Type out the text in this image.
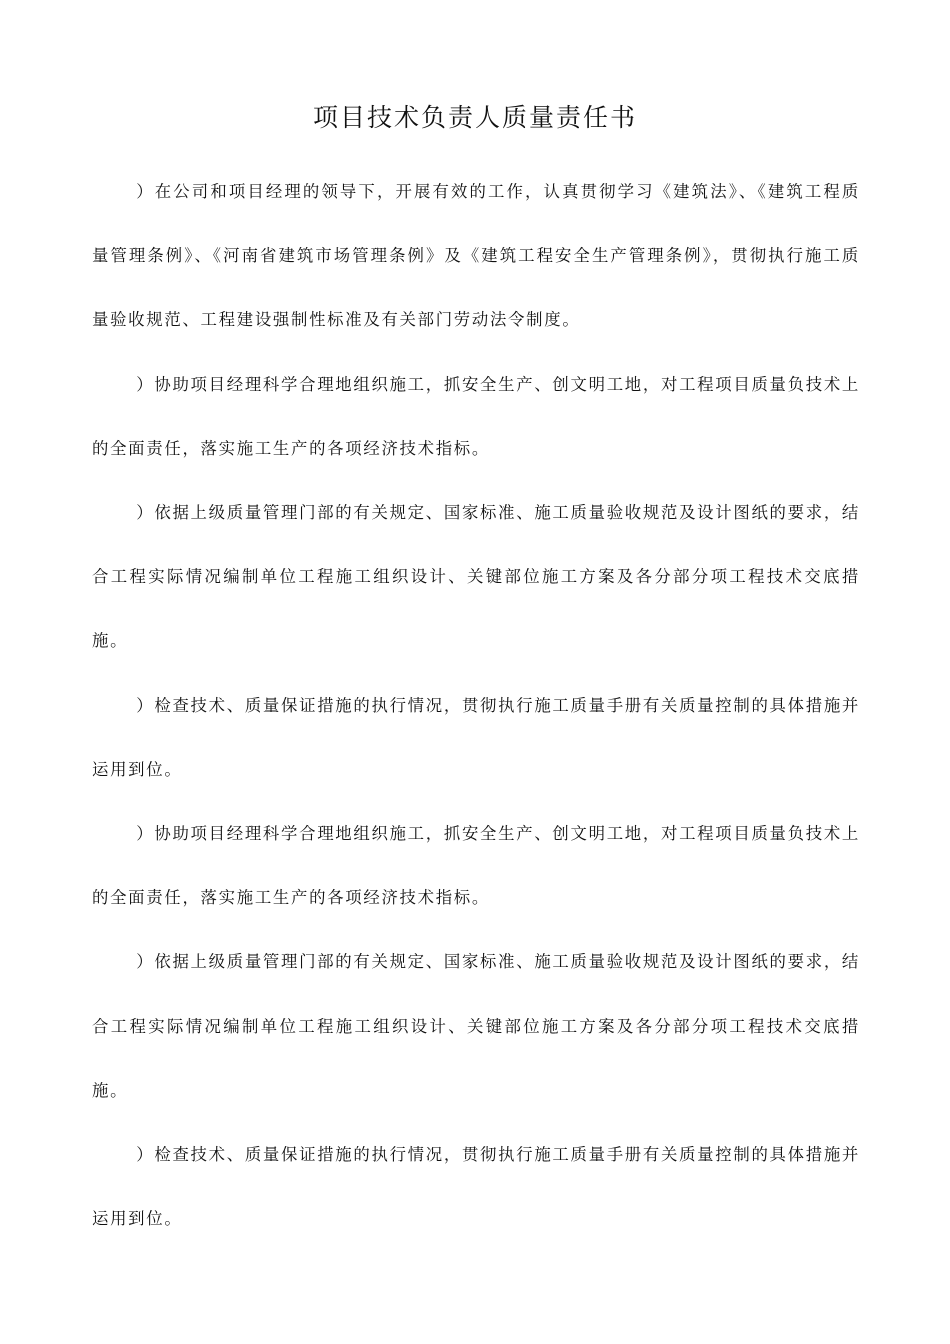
项目技术负责人质量责任书

）在公司和项目经理的领导下，开展有效的工作，认真贯彻学习《建筑法》、《建筑工程质量管理条例》、《河南省建筑市场管理条例》及《建筑工程安全生产管理条例》，贯彻执行施工质量验收规范、工程建设强制性标准及有关部门劳动法令制度。

）协助项目经理科学合理地组织施工，抓安全生产、创文明工地，对工程项目质量负技术上的全面责任，落实施工生产的各项经济技术指标。

）依据上级质量管理门部的有关规定、国家标准、施工质量验收规范及设计图纸的要求，结合工程实际情况编制单位工程施工组织设计、关键部位施工方案及各分部分项工程技术交底措施。

）检查技术、质量保证措施的执行情况，贯彻执行施工质量手册有关质量控制的具体措施并运用到位。

）协助项目经理科学合理地组织施工，抓安全生产、创文明工地，对工程项目质量负技术上的全面责任，落实施工生产的各项经济技术指标。

）依据上级质量管理门部的有关规定、国家标准、施工质量验收规范及设计图纸的要求，结合工程实际情况编制单位工程施工组织设计、关键部位施工方案及各分部分项工程技术交底措施。

）检查技术、质量保证措施的执行情况，贯彻执行施工质量手册有关质量控制的具体措施并运用到位。
